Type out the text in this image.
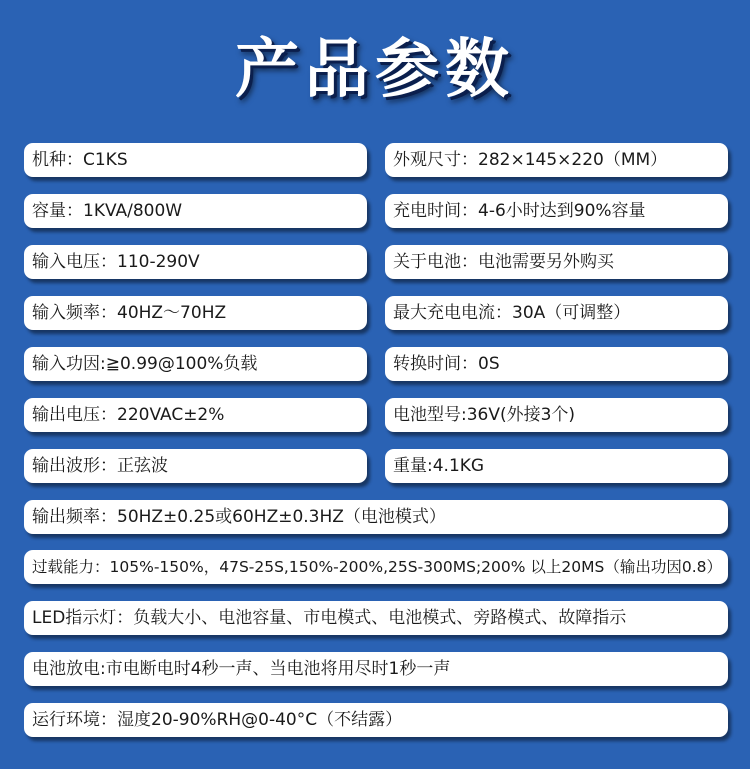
产品参数
机种：C1KS	外观尺寸：282×145×220（MM）
容量：1KVA/800W	充电时间：4-6小时达到90%容量
输入电压：110-290V	关于电池：电池需要另外购买
输入频率：40HZ～70HZ	最大充电电流：30A（可调整）
输入功因:≧0.99@100%负载	转换时间：0S
输出电压：220VAC±2%	电池型号:36V(外接3个)
输出波形：正弦波	重量:4.1KG
输出频率：50HZ±0.25或60HZ±0.3HZ（电池模式）
过载能力：105%-150%，47S-25S,150%-200%,25S-300MS;200% 以上20MS（输出功因0.8）
LED指示灯：负载大小、电池容量、市电模式、电池模式、旁路模式、故障指示
电池放电:市电断电时4秒一声、当电池将用尽时1秒一声
运行环境：湿度20-90%RH@0-40°C（不结露）
